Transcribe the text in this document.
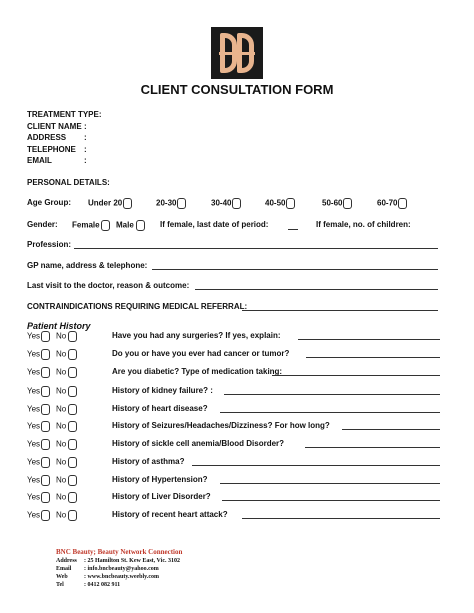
CLIENT CONSULTATION FORM
TREATMENT TYPE:
CLIENT NAME :
ADDRESS :
TELEPHONE :
EMAIL	:
PERSONAL DETAILS:
Age Group: Under 20	20-30	30-40	40-50	50-60	60-70
Gender: Female	Male	If female, last date of period:	If female, no. of children:
Profession:
GP name, address & telephone:
Last visit to the doctor, reason & outcome:
CONTRAINDICATIONS REQUIRING MEDICAL REFERRAL:
Patient History
Yes	No	Have you had any surgeries? If yes, explain:
Yes	No	Do you or have you ever had cancer or tumor?
Yes	No	Are you diabetic? Type of medication taking:
Yes	No	History of kidney failure? :
Yes	No	History of heart disease?
Yes	No	History of Seizures/Headaches/Dizziness? For how long?
Yes	No	History of sickle cell anemia/Blood Disorder?
Yes	No	History of asthma?
Yes	No	History of Hypertension?
Yes	No	History of Liver Disorder?
Yes	No	History of recent heart attack?
BNC Beauty; Beauty Network Connection
Address : 25 Hamilton St. Kew East, Vic. 3102
Email : info.bncbeauty@yahoo.com
Web	: www.bncbeauty.weebly.com
Tel	: 0412 082 911
